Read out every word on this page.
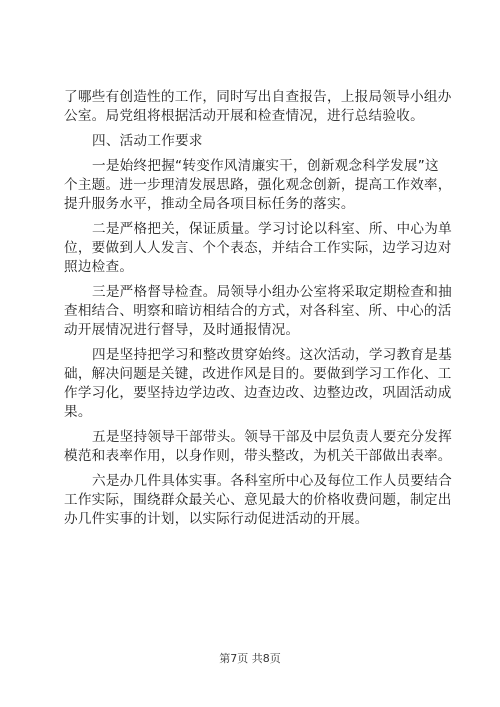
了哪些有创造性的工作，同时写出自查报告，上报局领导小组办
公室。局党组将根据活动开展和检查情况，进行总结验收。
四、活动工作要求
一是始终把握“转变作风清廉实干，创新观念科学发展”这
个主题。进一步理清发展思路，强化观念创新，提高工作效率，
提升服务水平，推动全局各项目标任务的落实。
二是严格把关，保证质量。学习讨论以科室、所、中心为单
位，要做到人人发言、个个表态，并结合工作实际，边学习边对
照边检查。
三是严格督导检查。局领导小组办公室将采取定期检查和抽
查相结合、明察和暗访相结合的方式，对各科室、所、中心的活
动开展情况进行督导，及时通报情况。
四是坚持把学习和整改贯穿始终。这次活动，学习教育是基
础，解决问题是关键，改进作风是目的。要做到学习工作化、工
作学习化，要坚持边学边改、边查边改、边整边改，巩固活动成
果。
五是坚持领导干部带头。领导干部及中层负责人要充分发挥
模范和表率作用，以身作则，带头整改，为机关干部做出表率。
六是办几件具体实事。各科室所中心及每位工作人员要结合
工作实际，围绕群众最关心、意见最大的价格收费问题，制定出
办几件实事的计划，以实际行动促进活动的开展。
第7页 共8页
